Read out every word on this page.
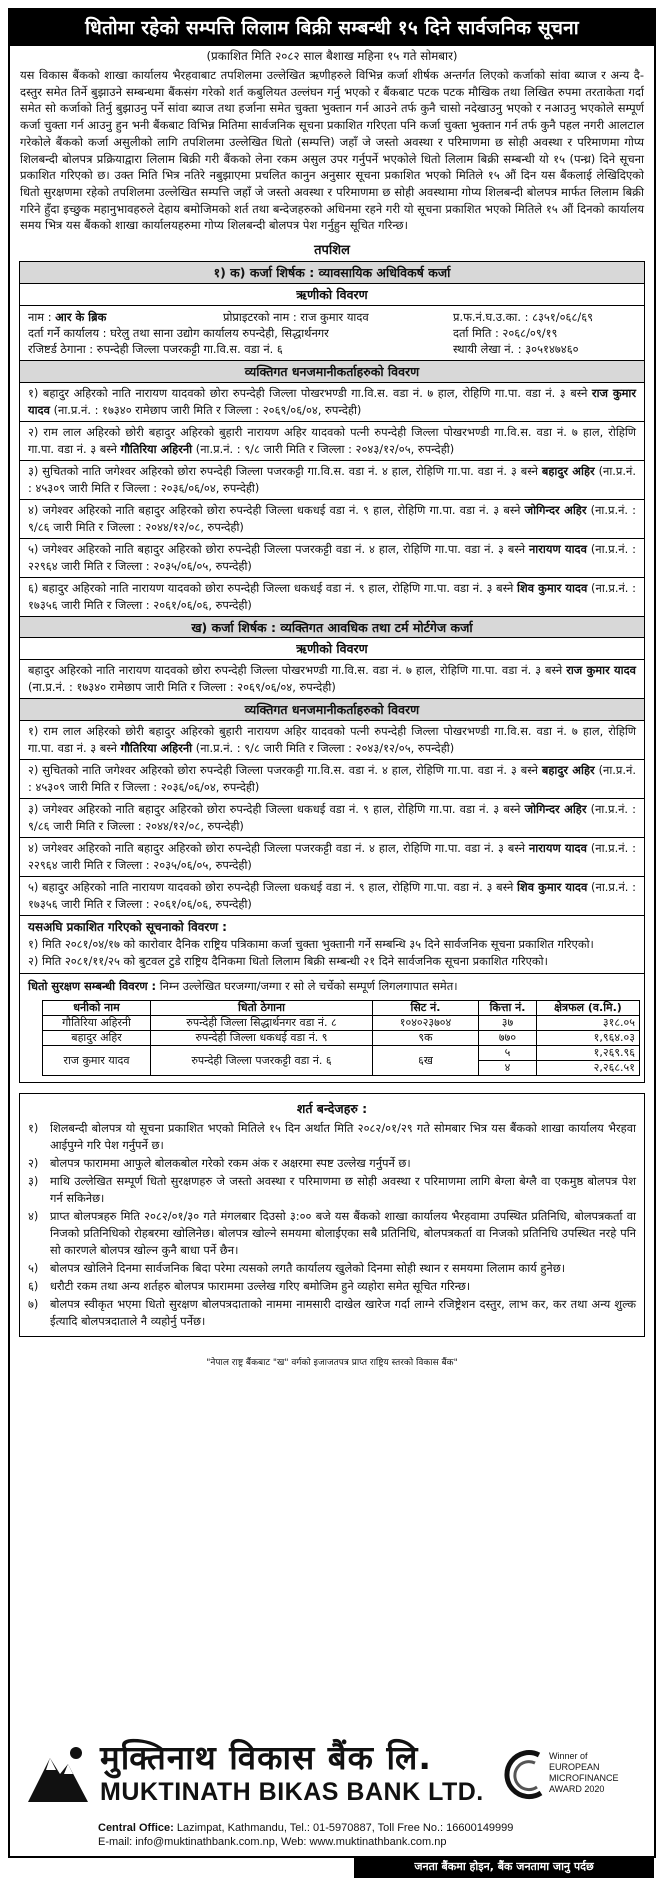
धितोमा रहेको सम्पत्ति लिलाम बिक्री सम्बन्धी १५ दिने सार्वजनिक सूचना
(प्रकाशित मिति २०८२ साल बैशाख महिना १५ गते सोमबार)
यस विकास बैंकको शाखा कार्यालय भैरहवाबाट तपशिलमा उल्लेखित ऋणीहरुले विभिन्न कर्जा शीर्षक अन्तर्गत लिएको कर्जाको सांवा ब्याज र अन्य दै-दस्तुर समेत तिर्ने बुझाउने सम्बन्धमा बैंकसंग गरेको शर्त कबुलियत उल्लंघन गर्नु भएको र बैंकबाट पटक पटक मौखिक तथा लिखित रुपमा तरताकेता गर्दा समेत सो कर्जाको तिर्नु बुझाउनु पर्ने सांवा ब्याज तथा हर्जाना समेत चुक्ता भुक्तान गर्न आउने तर्फ कुनै चासो नदेखाउनु भएको र नआउनु भएकोले सम्पूर्ण कर्जा चुक्ता गर्न आउनु हुन भनी बैंकबाट विभिन्न मितिमा सार्वजनिक सूचना प्रकाशित गरिएता पनि कर्जा चुक्ता भुक्तान गर्न तर्फ कुनै पहल नगरी आलटाल गरेकोले बैंकको कर्जा असुलीको लागि तपशिलमा उल्लेखित धितो (सम्पत्ति) जहाँ जे जस्तो अवस्था र परिमाणमा छ सोही अवस्था र परिमाणमा गोप्य शिलबन्दी बोलपत्र प्रक्रियाद्वारा लिलाम बिक्री गरी बैंकको लेना रकम असुल उपर गर्नुपर्ने भएकोले धितो लिलाम बिक्री सम्बन्धी यो १५ (पन्ध्र) दिने सूचना प्रकाशित गरिएको छ। उक्त मिति भित्र नतिरे नबुझाएमा प्रचलित कानुन अनुसार सूचना प्रकाशित भएको मितिले १५ औं दिन यस बैंकलाई लेखिदिएको धितो सुरक्षणमा रहेको तपशिलमा उल्लेखित सम्पत्ति जहाँ जे जस्तो अवस्था र परिमाणमा छ सोही अवस्थामा गोप्य शिलबन्दी बोलपत्र मार्फत लिलाम बिक्री गरिने हुँदा इच्छुक महानुभावहरुले देहाय बमोजिमको शर्त तथा बन्देजहरुको अधिनमा रहने गरी यो सूचना प्रकाशित भएको मितिले १५ औं दिनको कार्यालय समय भित्र यस बैंकको शाखा कार्यालयहरुमा गोप्य शिलबन्दी बोलपत्र पेश गर्नुहुन सूचित गरिन्छ।
तपशिल
१) क) कर्जा शिर्षक : व्यावसायिक अधिविकर्ष कर्जा
ऋणीको विवरण
नाम : आर के ब्रिक	प्रोप्राइटरको नाम : राज कुमार यादव	प्र.फ.नं.घ.उ.का. : ८३५१/०६८/६९
दर्ता गर्ने कार्यालय : घरेलु तथा साना उद्योग कार्यालय रुपन्देही, सिद्धार्थनगर	दर्ता मिति : २०६८/०९/१९
रजिष्टर्ड ठेगाना : रुपन्देही जिल्ला पजरकट्टी गा.वि.स. वडा नं. ६	स्थायी लेखा नं. : ३०५१४७४६०
व्यक्तिगत धनजमानीकर्ताहरुको विवरण
१) बहादुर अहिरको नाति नारायण यादवको छोरा रुपन्देही जिल्ला पोखरभण्डी गा.वि.स. वडा नं. ७ हाल, रोहिणि गा.पा. वडा नं. ३ बस्ने राज कुमार यादव (ना.प्र.नं. : १७३४० रामेछाप जारी मिति र जिल्ला : २०६९/०६/०४, रुपन्देही)
२) राम लाल अहिरको छोरी बहादुर अहिरको बुहारी नारायण अहिर यादवको पत्नी रुपन्देही जिल्ला पोखरभण्डी गा.वि.स. वडा नं. ७ हाल, रोहिणि गा.पा. वडा नं. ३ बस्ने गौतिरिया अहिरनी (ना.प्र.नं. : ९/८ जारी मिति र जिल्ला : २०४३/१२/०५, रुपन्देही)
३) सुचितको नाति जगेश्वर अहिरको छोरा रुपन्देही जिल्ला पजरकट्टी गा.वि.स. वडा नं. ४ हाल, रोहिणि गा.पा. वडा नं. ३ बस्ने बहादुर अहिर (ना.प्र.नं. : ४५३०९ जारी मिति र जिल्ला : २०३६/०६/०४, रुपन्देही)
४) जगेश्वर अहिरको नाति बहादुर अहिरको छोरा रुपन्देही जिल्ला धकधई वडा नं. ९ हाल, रोहिणि गा.पा. वडा नं. ३ बस्ने जोगिन्दर अहिर (ना.प्र.नं. : ९/८६ जारी मिति र जिल्ला : २०४४/१२/०८, रुपन्देही)
५) जगेश्वर अहिरको नाति बहादुर अहिरको छोरा रुपन्देही जिल्ला पजरकट्टी वडा नं. ४ हाल, रोहिणि गा.पा. वडा नं. ३ बस्ने नारायण यादव (ना.प्र.नं. : २२९६४ जारी मिति र जिल्ला : २०३५/०६/०५, रुपन्देही)
६) बहादुर अहिरको नाति नारायण यादवको छोरा रुपन्देही जिल्ला धकधई वडा नं. ९ हाल, रोहिणि गा.पा. वडा नं. ३ बस्ने शिव कुमार यादव (ना.प्र.नं. : १७३५६ जारी मिति र जिल्ला : २०६१/०६/०६, रुपन्देही)
ख) कर्जा शिर्षक : व्यक्तिगत आवधिक तथा टर्म मोर्टगेज कर्जा
ऋणीको विवरण
बहादुर अहिरको नाति नारायण यादवको छोरा रुपन्देही जिल्ला पोखरभण्डी गा.वि.स. वडा नं. ७ हाल, रोहिणि गा.पा. वडा नं. ३ बस्ने राज कुमार यादव (ना.प्र.नं. : १७३४० रामेछाप जारी मिति र जिल्ला : २०६९/०६/०४, रुपन्देही)
व्यक्तिगत धनजमानीकर्ताहरुको विवरण
१) राम लाल अहिरको छोरी बहादुर अहिरको बुहारी नारायण अहिर यादवको पत्नी रुपन्देही जिल्ला पोखरभण्डी गा.वि.स. वडा नं. ७ हाल, रोहिणि गा.पा. वडा नं. ३ बस्ने गौतिरिया अहिरनी (ना.प्र.नं. : ९/८ जारी मिति र जिल्ला : २०४३/१२/०५, रुपन्देही)
२) सुचितको नाति जगेश्वर अहिरको छोरा रुपन्देही जिल्ला पजरकट्टी गा.वि.स. वडा नं. ४ हाल, रोहिणि गा.पा. वडा नं. ३ बस्ने बहादुर अहिर (ना.प्र.नं. : ४५३०९ जारी मिति र जिल्ला : २०३६/०६/०४, रुपन्देही)
३) जगेश्वर अहिरको नाति बहादुर अहिरको छोरा रुपन्देही जिल्ला धकधई वडा नं. ९ हाल, रोहिणि गा.पा. वडा नं. ३ बस्ने जोगिन्दर अहिर (ना.प्र.नं. : ९/८६ जारी मिति र जिल्ला : २०४४/१२/०८, रुपन्देही)
४) जगेश्वर अहिरको नाति बहादुर अहिरको छोरा रुपन्देही जिल्ला पजरकट्टी वडा नं. ४ हाल, रोहिणि गा.पा. वडा नं. ३ बस्ने नारायण यादव (ना.प्र.नं. : २२९६४ जारी मिति र जिल्ला : २०३५/०६/०५, रुपन्देही)
५) बहादुर अहिरको नाति नारायण यादवको छोरा रुपन्देही जिल्ला धकधई वडा नं. ९ हाल, रोहिणि गा.पा. वडा नं. ३ बस्ने शिव कुमार यादव (ना.प्र.नं. : १७३५६ जारी मिति र जिल्ला : २०६१/०६/०६, रुपन्देही)
यसअघि प्रकाशित गरिएको सूचनाको विवरण :
१) मिति २०८१/०४/१७ को कारोवार दैनिक राष्ट्रिय पत्रिकामा कर्जा चुक्ता भुक्तानी गर्ने सम्बन्धि ३५ दिने सार्वजनिक सूचना प्रकाशित गरिएको।
२) मिति २०८१/११/२५ को बुटवल टुडे राष्ट्रिय दैनिकमा धितो लिलाम बिक्री सम्बन्धी २१ दिने सार्वजनिक सूचना प्रकाशित गरिएको।
धितो सुरक्षण सम्बन्धी विवरण : निम्न उल्लेखित घरजग्गा/जग्गा र सो ले चर्चेको सम्पूर्ण लिगलगापात समेत।
धनीको नाम	धितो ठेगाना	सिट नं.	कित्ता नं.	क्षेत्रफल (व.मि.)
गौतिरिया अहिरनी	रुपन्देही जिल्ला सिद्धार्थनगर वडा नं. ८	१०४०२३७०४	३७	३१८.०५
बहादुर अहिर	रुपन्देही जिल्ला धकधई वडा नं. ९	९क	७७०	१,९६४.०३
राज कुमार यादव	रुपन्देही जिल्ला पजरकट्टी वडा नं. ६	६ख	५	१,२६९.९६
			४	२,२६८.५१
शर्त बन्देजहरु :
१)	शिलबन्दी बोलपत्र यो सूचना प्रकाशित भएको मितिले १५ दिन अर्थात मिति २०८२/०१/२९ गते सोमबार भित्र यस बैंकको शाखा कार्यालय भैरहवा आईपुग्ने गरि पेश गर्नुपर्ने छ।
२)	बोलपत्र फाराममा आफुले बोलकबोल गरेको रकम अंक र अक्षरमा स्पष्ट उल्लेख गर्नुपर्ने छ।
३)	माथि उल्लेखित सम्पूर्ण धितो सुरक्षणहरु जे जस्तो अवस्था र परिमाणमा छ सोही अवस्था र परिमाणमा लागि बेग्ला बेग्लै वा एकमुष्ठ बोलपत्र पेश गर्न सकिनेछ।
४)	प्राप्त बोलपत्रहरु मिति २०८२/०१/३० गते मंगलबार दिउसो ३:०० बजे यस बैंकको शाखा कार्यालय भैरहवामा उपस्थित प्रतिनिधि, बोलपत्रकर्ता वा निजको प्रतिनिधिको रोहबरमा खोलिनेछ। बोलपत्र खोल्ने समयमा बोलाईएका सबै प्रतिनिधि, बोलपत्रकर्ता वा निजको प्रतिनिधि उपस्थित नरहे पनि सो कारणले बोलपत्र खोल्न कुनै बाधा पर्ने छैन।
५)	बोलपत्र खोलिने दिनमा सार्वजनिक बिदा परेमा त्यसको लगतै कार्यालय खुलेको दिनमा सोही स्थान र समयमा लिलाम कार्य हुनेछ।
६)	धरौटी रकम तथा अन्य शर्तहरु बोलपत्र फाराममा उल्लेख गरिए बमोजिम हुने व्यहोरा समेत सूचित गरिन्छ।
७)	बोलपत्र स्वीकृत भएमा धितो सुरक्षण बोलपत्रदाताको नाममा नामसारी दाखेल खारेज गर्दा लाग्ने रजिष्ट्रेशन दस्तुर, लाभ कर, कर तथा अन्य शुल्क ईत्यादि बोलपत्रदाताले नै व्यहोर्नु पर्नेछ।
"नेपाल राष्ट्र बैंकबाट "ख" वर्गको इजाजतपत्र प्राप्त राष्ट्रिय स्तरको विकास बैंक"
मुक्तिनाथ विकास बैंक लि.
MUKTINATH BIKAS BANK LTD.
Winner of
EUROPEAN
MICROFINANCE
AWARD 2020
Central Office: Lazimpat, Kathmandu, Tel.: 01-5970887, Toll Free No.: 16600149999
E-mail: info@muktinathbank.com.np, Web: www.muktinathbank.com.np
जनता बैंकमा होइन, बैंक जनतामा जानु पर्दछ
